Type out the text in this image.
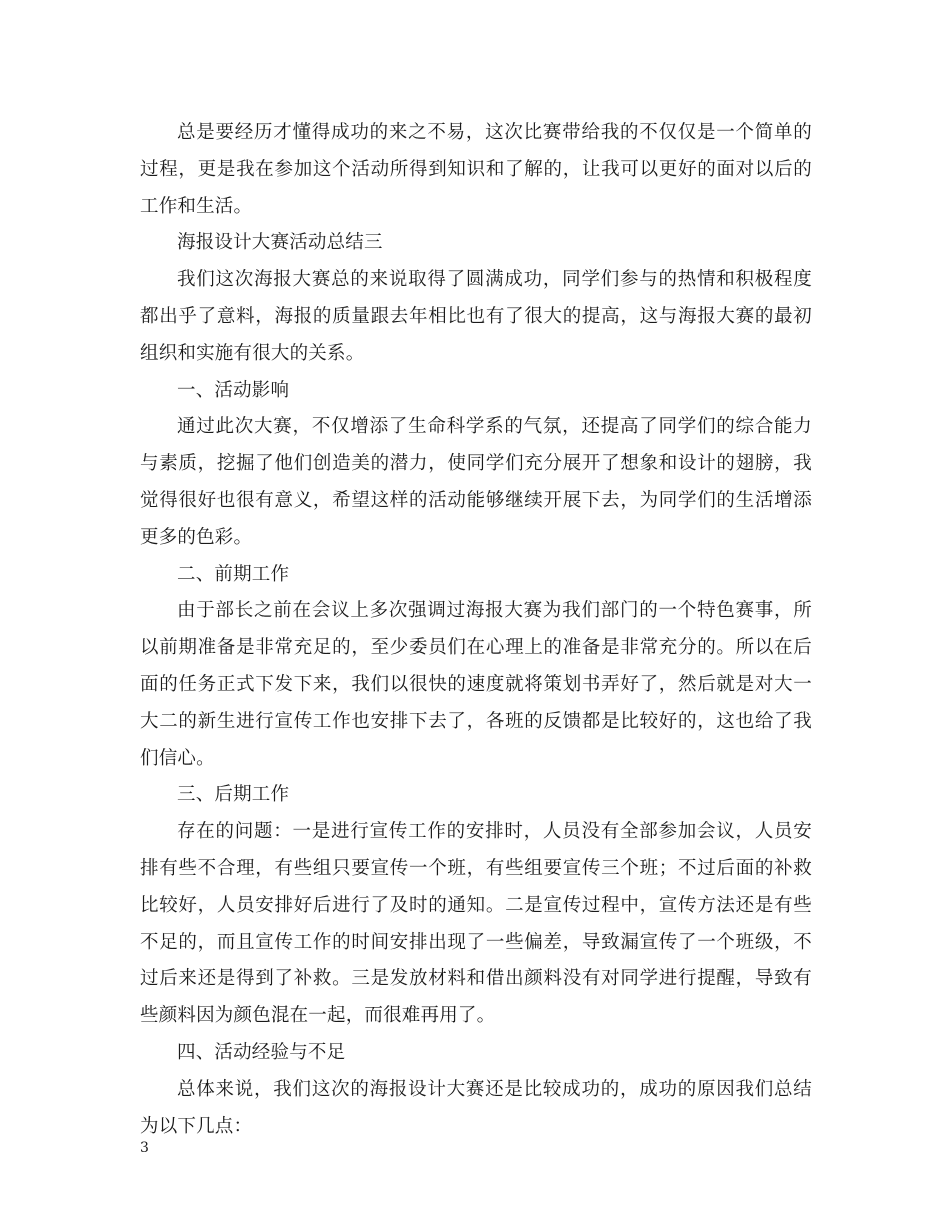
总是要经历才懂得成功的来之不易，这次比赛带给我的不仅仅是一个简单的过程，更是我在参加这个活动所得到知识和了解的，让我可以更好的面对以后的工作和生活。

海报设计大赛活动总结三

我们这次海报大赛总的来说取得了圆满成功，同学们参与的热情和积极程度都出乎了意料，海报的质量跟去年相比也有了很大的提高，这与海报大赛的最初组织和实施有很大的关系。

一、活动影响

通过此次大赛，不仅增添了生命科学系的气氛，还提高了同学们的综合能力与素质，挖掘了他们创造美的潜力，使同学们充分展开了想象和设计的翅膀，我觉得很好也很有意义，希望这样的活动能够继续开展下去，为同学们的生活增添更多的色彩。

二、前期工作

由于部长之前在会议上多次强调过海报大赛为我们部门的一个特色赛事，所以前期准备是非常充足的，至少委员们在心理上的准备是非常充分的。所以在后面的任务正式下发下来，我们以很快的速度就将策划书弄好了，然后就是对大一大二的新生进行宣传工作也安排下去了，各班的反馈都是比较好的，这也给了我们信心。

三、后期工作

存在的问题：一是进行宣传工作的安排时，人员没有全部参加会议，人员安排有些不合理，有些组只要宣传一个班，有些组要宣传三个班；不过后面的补救比较好，人员安排好后进行了及时的通知。二是宣传过程中，宣传方法还是有些不足的，而且宣传工作的时间安排出现了一些偏差，导致漏宣传了一个班级，不过后来还是得到了补救。三是发放材料和借出颜料没有对同学进行提醒，导致有些颜料因为颜色混在一起，而很难再用了。

四、活动经验与不足

总体来说，我们这次的海报设计大赛还是比较成功的，成功的原因我们总结为以下几点：

3
